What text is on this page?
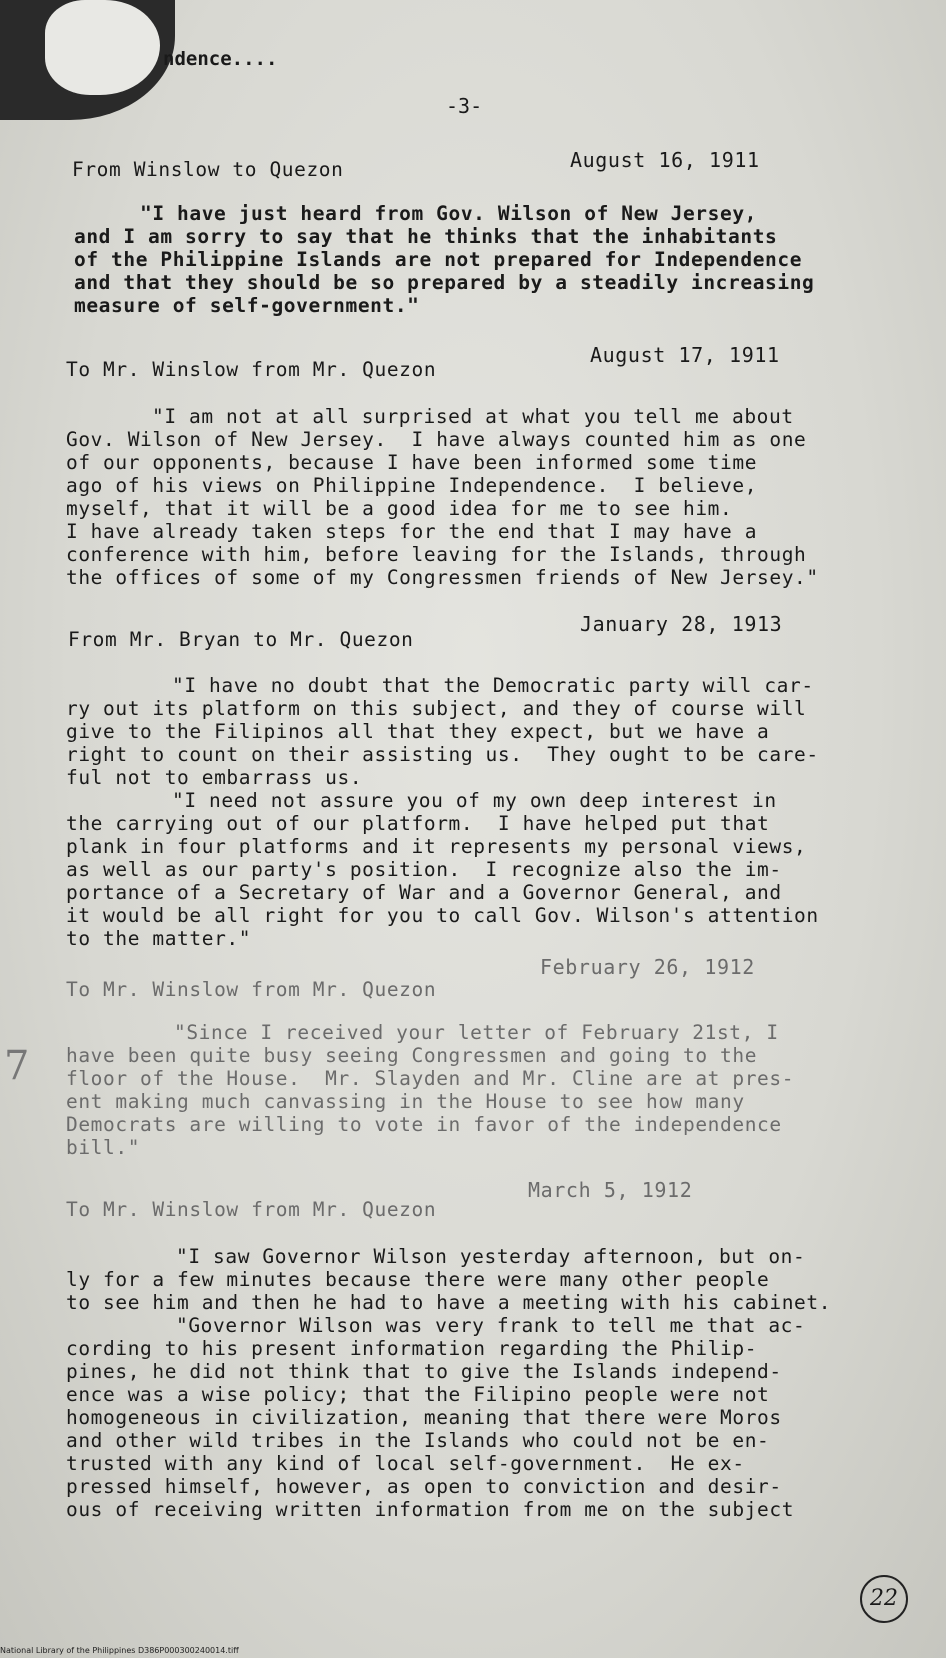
ndence....
-3-
August 16, 1911
From Winslow to Quezon
"I have just heard from Gov. Wilson of New Jersey,
and I am sorry to say that he thinks that the inhabitants
of the Philippine Islands are not prepared for Independence
and that they should be so prepared by a steadily increasing
measure of self-government."
August 17, 1911
To Mr. Winslow from Mr. Quezon
"I am not at all surprised at what you tell me about
Gov. Wilson of New Jersey.  I have always counted him as one
of our opponents, because I have been informed some time
ago of his views on Philippine Independence.  I believe,
myself, that it will be a good idea for me to see him.
I have already taken steps for the end that I may have a
conference with him, before leaving for the Islands, through
the offices of some of my Congressmen friends of New Jersey."
January 28, 1913
From Mr. Bryan to Mr. Quezon
"I have no doubt that the Democratic party will car-
ry out its platform on this subject, and they of course will
give to the Filipinos all that they expect, but we have a
right to count on their assisting us.  They ought to be care-
ful not to embarrass us.
"I need not assure you of my own deep interest in
the carrying out of our platform.  I have helped put that
plank in four platforms and it represents my personal views,
as well as our party's position.  I recognize also the im-
portance of a Secretary of War and a Governor General, and
it would be all right for you to call Gov. Wilson's attention
to the matter."
February 26, 1912
To Mr. Winslow from Mr. Quezon
"Since I received your letter of February 21st, I
have been quite busy seeing Congressmen and going to the
floor of the House.  Mr. Slayden and Mr. Cline are at pres-
ent making much canvassing in the House to see how many
Democrats are willing to vote in favor of the independence
bill."
March 5, 1912
To Mr. Winslow from Mr. Quezon
"I saw Governor Wilson yesterday afternoon, but on-
ly for a few minutes because there were many other people
to see him and then he had to have a meeting with his cabinet.
"Governor Wilson was very frank to tell me that ac-
cording to his present information regarding the Philip-
pines, he did not think that to give the Islands independ-
ence was a wise policy; that the Filipino people were not
homogeneous in civilization, meaning that there were Moros
and other wild tribes in the Islands who could not be en-
trusted with any kind of local self-government.  He ex-
pressed himself, however, as open to conviction and desir-
ous of receiving written information from me on the subject
7
22
National Library of the Philippines D386P000300240014.tiff
